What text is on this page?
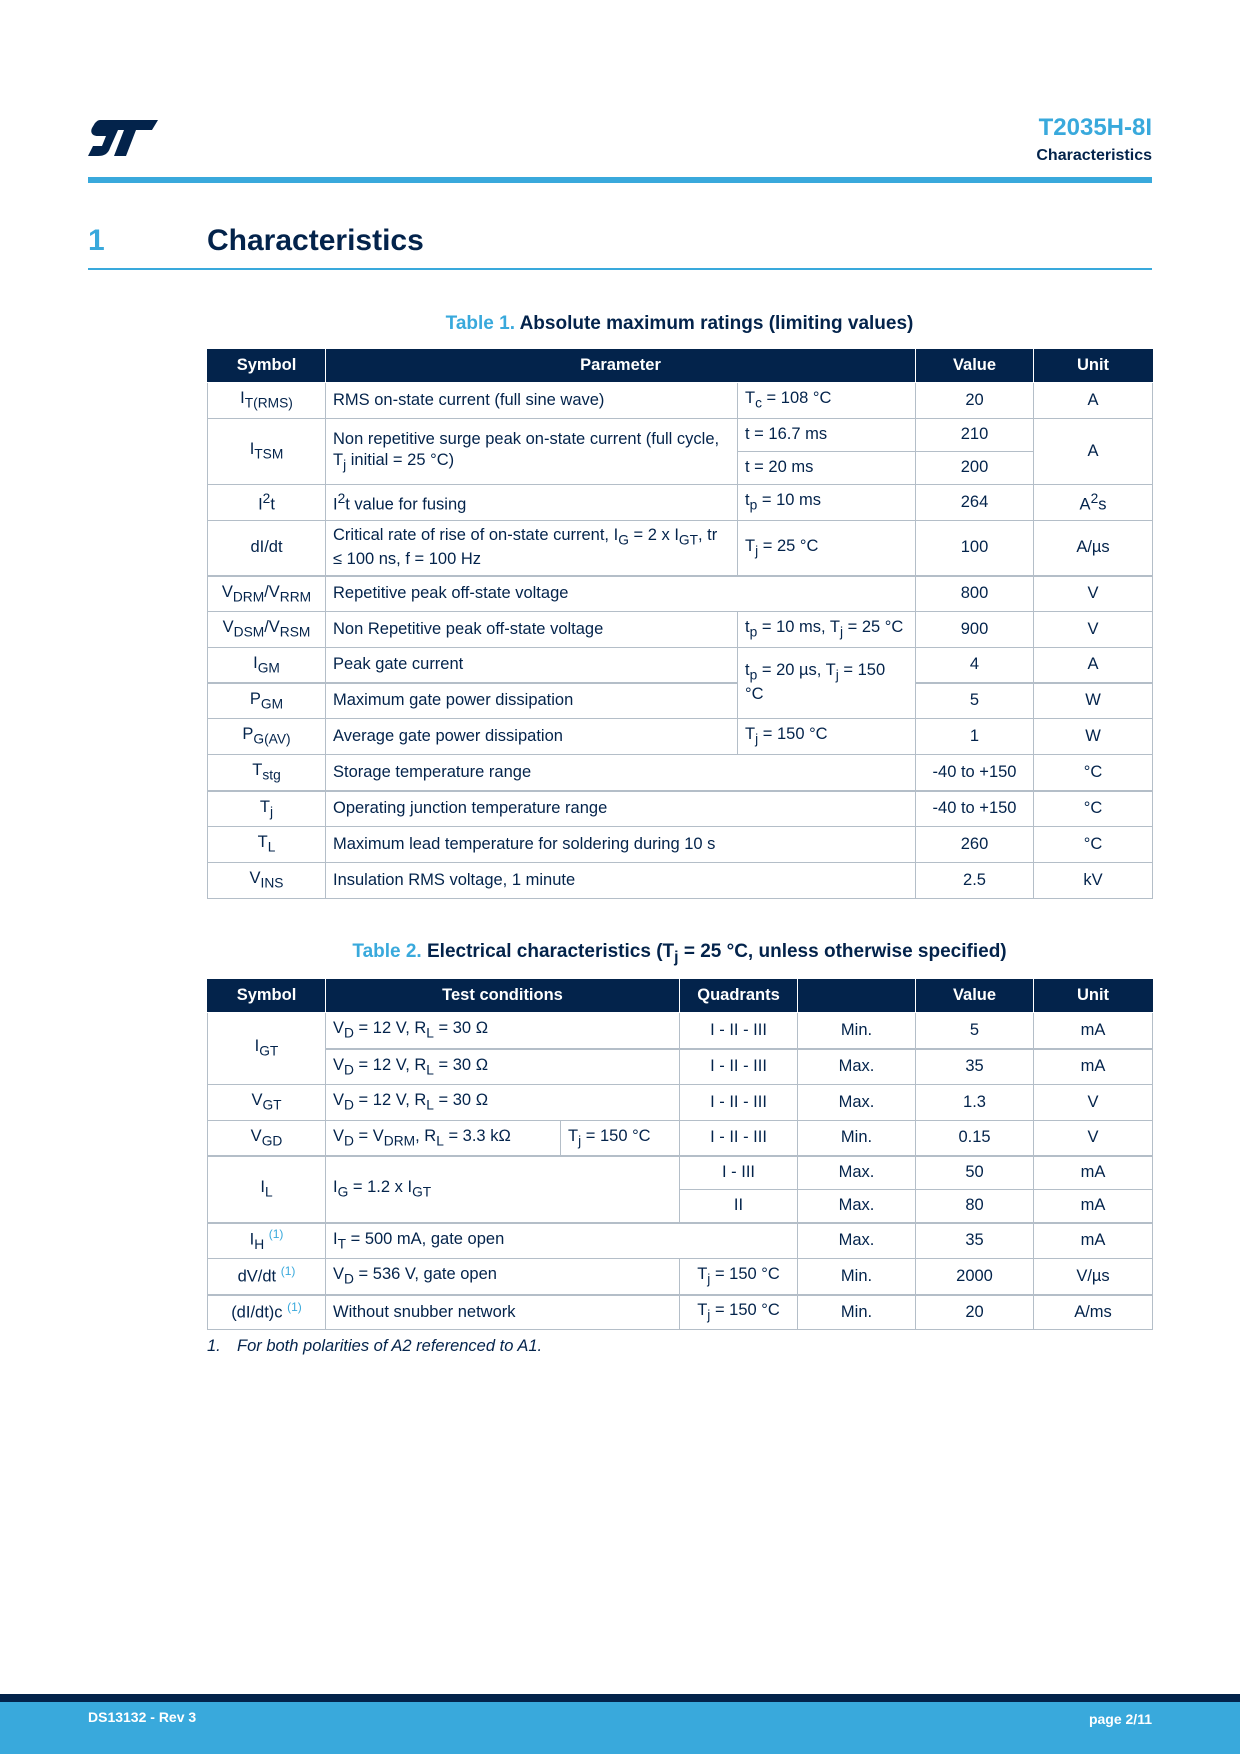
T2035H-8I
Characteristics
1	Characteristics
Table 1. Absolute maximum ratings (limiting values)
Symbol	Parameter		Value	Unit
$I_{T(RMS)}$	RMS on-state current (full sine wave)	$T_c = 108$ °C	20	A
$I_{TSM}$	Non repetitive surge peak on-state current (full cycle, $T_j$ initial = 25 °C)	t = 16.7 ms	210	A
		t = 20 ms	200	
$I^2t$	$I^2t$ value for fusing	$t_p = 10$ ms	264	$A^2s$
dI/dt	Critical rate of rise of on-state current, $I_G = 2$ x $I_{GT}$, tr ≤ 100 ns, f = 100 Hz	$T_j = 25$ °C	100	A/µs
$V_{DRM}/V_{RRM}$	Repetitive peak off-state voltage		800	V
$V_{DSM}/V_{RSM}$	Non Repetitive peak off-state voltage	$t_p = 10$ ms, $T_j = 25$ °C	900	V
$I_{GM}$	Peak gate current	$t_p = 20$ µs, $T_j = 150$ °C	4	A
$P_{GM}$	Maximum gate power dissipation		5	W
$P_{G(AV)}$	Average gate power dissipation	$T_j = 150$ °C	1	W
$T_{stg}$	Storage temperature range		-40 to +150	°C
$T_j$	Operating junction temperature range		-40 to +150	°C
$T_L$	Maximum lead temperature for soldering during 10 s		260	°C
$V_{INS}$	Insulation RMS voltage, 1 minute		2.5	kV
Table 2. Electrical characteristics ($T_j = 25$ °C, unless otherwise specified)
Symbol	Test conditions		Quadrants		Value	Unit
$I_{GT}$	$V_D = 12$ V, $R_L = 30$ Ω		I - II - III	Min.	5	mA
	$V_D = 12$ V, $R_L = 30$ Ω		I - II - III	Max.	35	mA
$V_{GT}$	$V_D = 12$ V, $R_L = 30$ Ω		I - II - III	Max.	1.3	V
$V_{GD}$	$V_D = V_{DRM}$, $R_L = 3.3$ kΩ	$T_j = 150$ °C	I - II - III	Min.	0.15	V
$I_L$	$I_G = 1.2$ x $I_{GT}$		I - III	Max.	50	mA
			II	Max.	80	mA
$I_H$ $^{(1)}$	$I_T = 500$ mA, gate open			Max.	35	mA
dV/dt $^{(1)}$	$V_D = 536$ V, gate open		$T_j = 150$ °C	Min.	2000	V/µs
(dI/dt)c $^{(1)}$	Without snubber network		$T_j = 150$ °C	Min.	20	A/ms
1. For both polarities of A2 referenced to A1.
DS13132 - Rev 3	page 2/11
